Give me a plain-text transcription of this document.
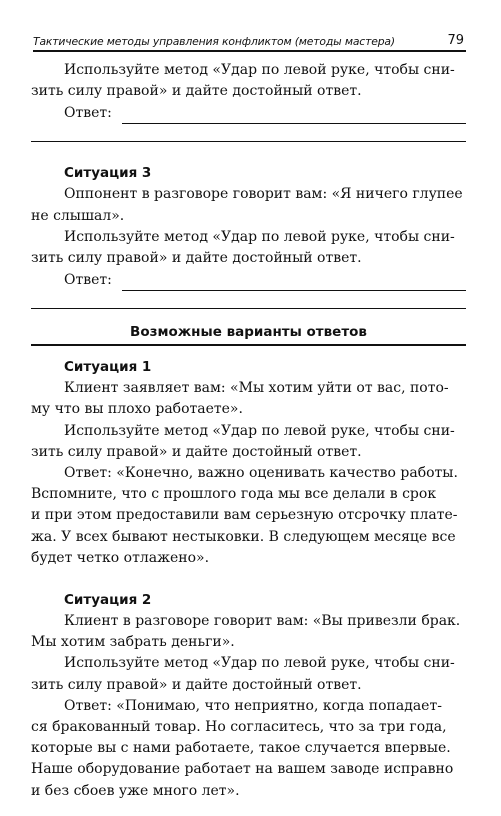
Тактические методы управления конфликтом (методы мастера)	79
Используйте метод «Удар по левой руке, чтобы сни-
зить силу правой» и дайте достойный ответ.
Ответ:
Ситуация 3
Оппонент в разговоре говорит вам: «Я ничего глупее
не слышал».
Используйте метод «Удар по левой руке, чтобы сни-
зить силу правой» и дайте достойный ответ.
Ответ:
Возможные варианты ответов
Ситуация 1
Клиент заявляет вам: «Мы хотим уйти от вас, пото-
му что вы плохо работаете».
Используйте метод «Удар по левой руке, чтобы сни-
зить силу правой» и дайте достойный ответ.
Ответ: «Конечно, важно оценивать качество работы.
Вспомните, что с прошлого года мы все делали в срок
и при этом предоставили вам серьезную отсрочку плате-
жа. У всех бывают нестыковки. В следующем месяце все
будет четко отлажено».
Ситуация 2
Клиент в разговоре говорит вам: «Вы привезли брак.
Мы хотим забрать деньги».
Используйте метод «Удар по левой руке, чтобы сни-
зить силу правой» и дайте достойный ответ.
Ответ: «Понимаю, что неприятно, когда попадает-
ся бракованный товар. Но согласитесь, что за три года,
которые вы с нами работаете, такое случается впервые.
Наше оборудование работает на вашем заводе исправно
и без сбоев уже много лет».
